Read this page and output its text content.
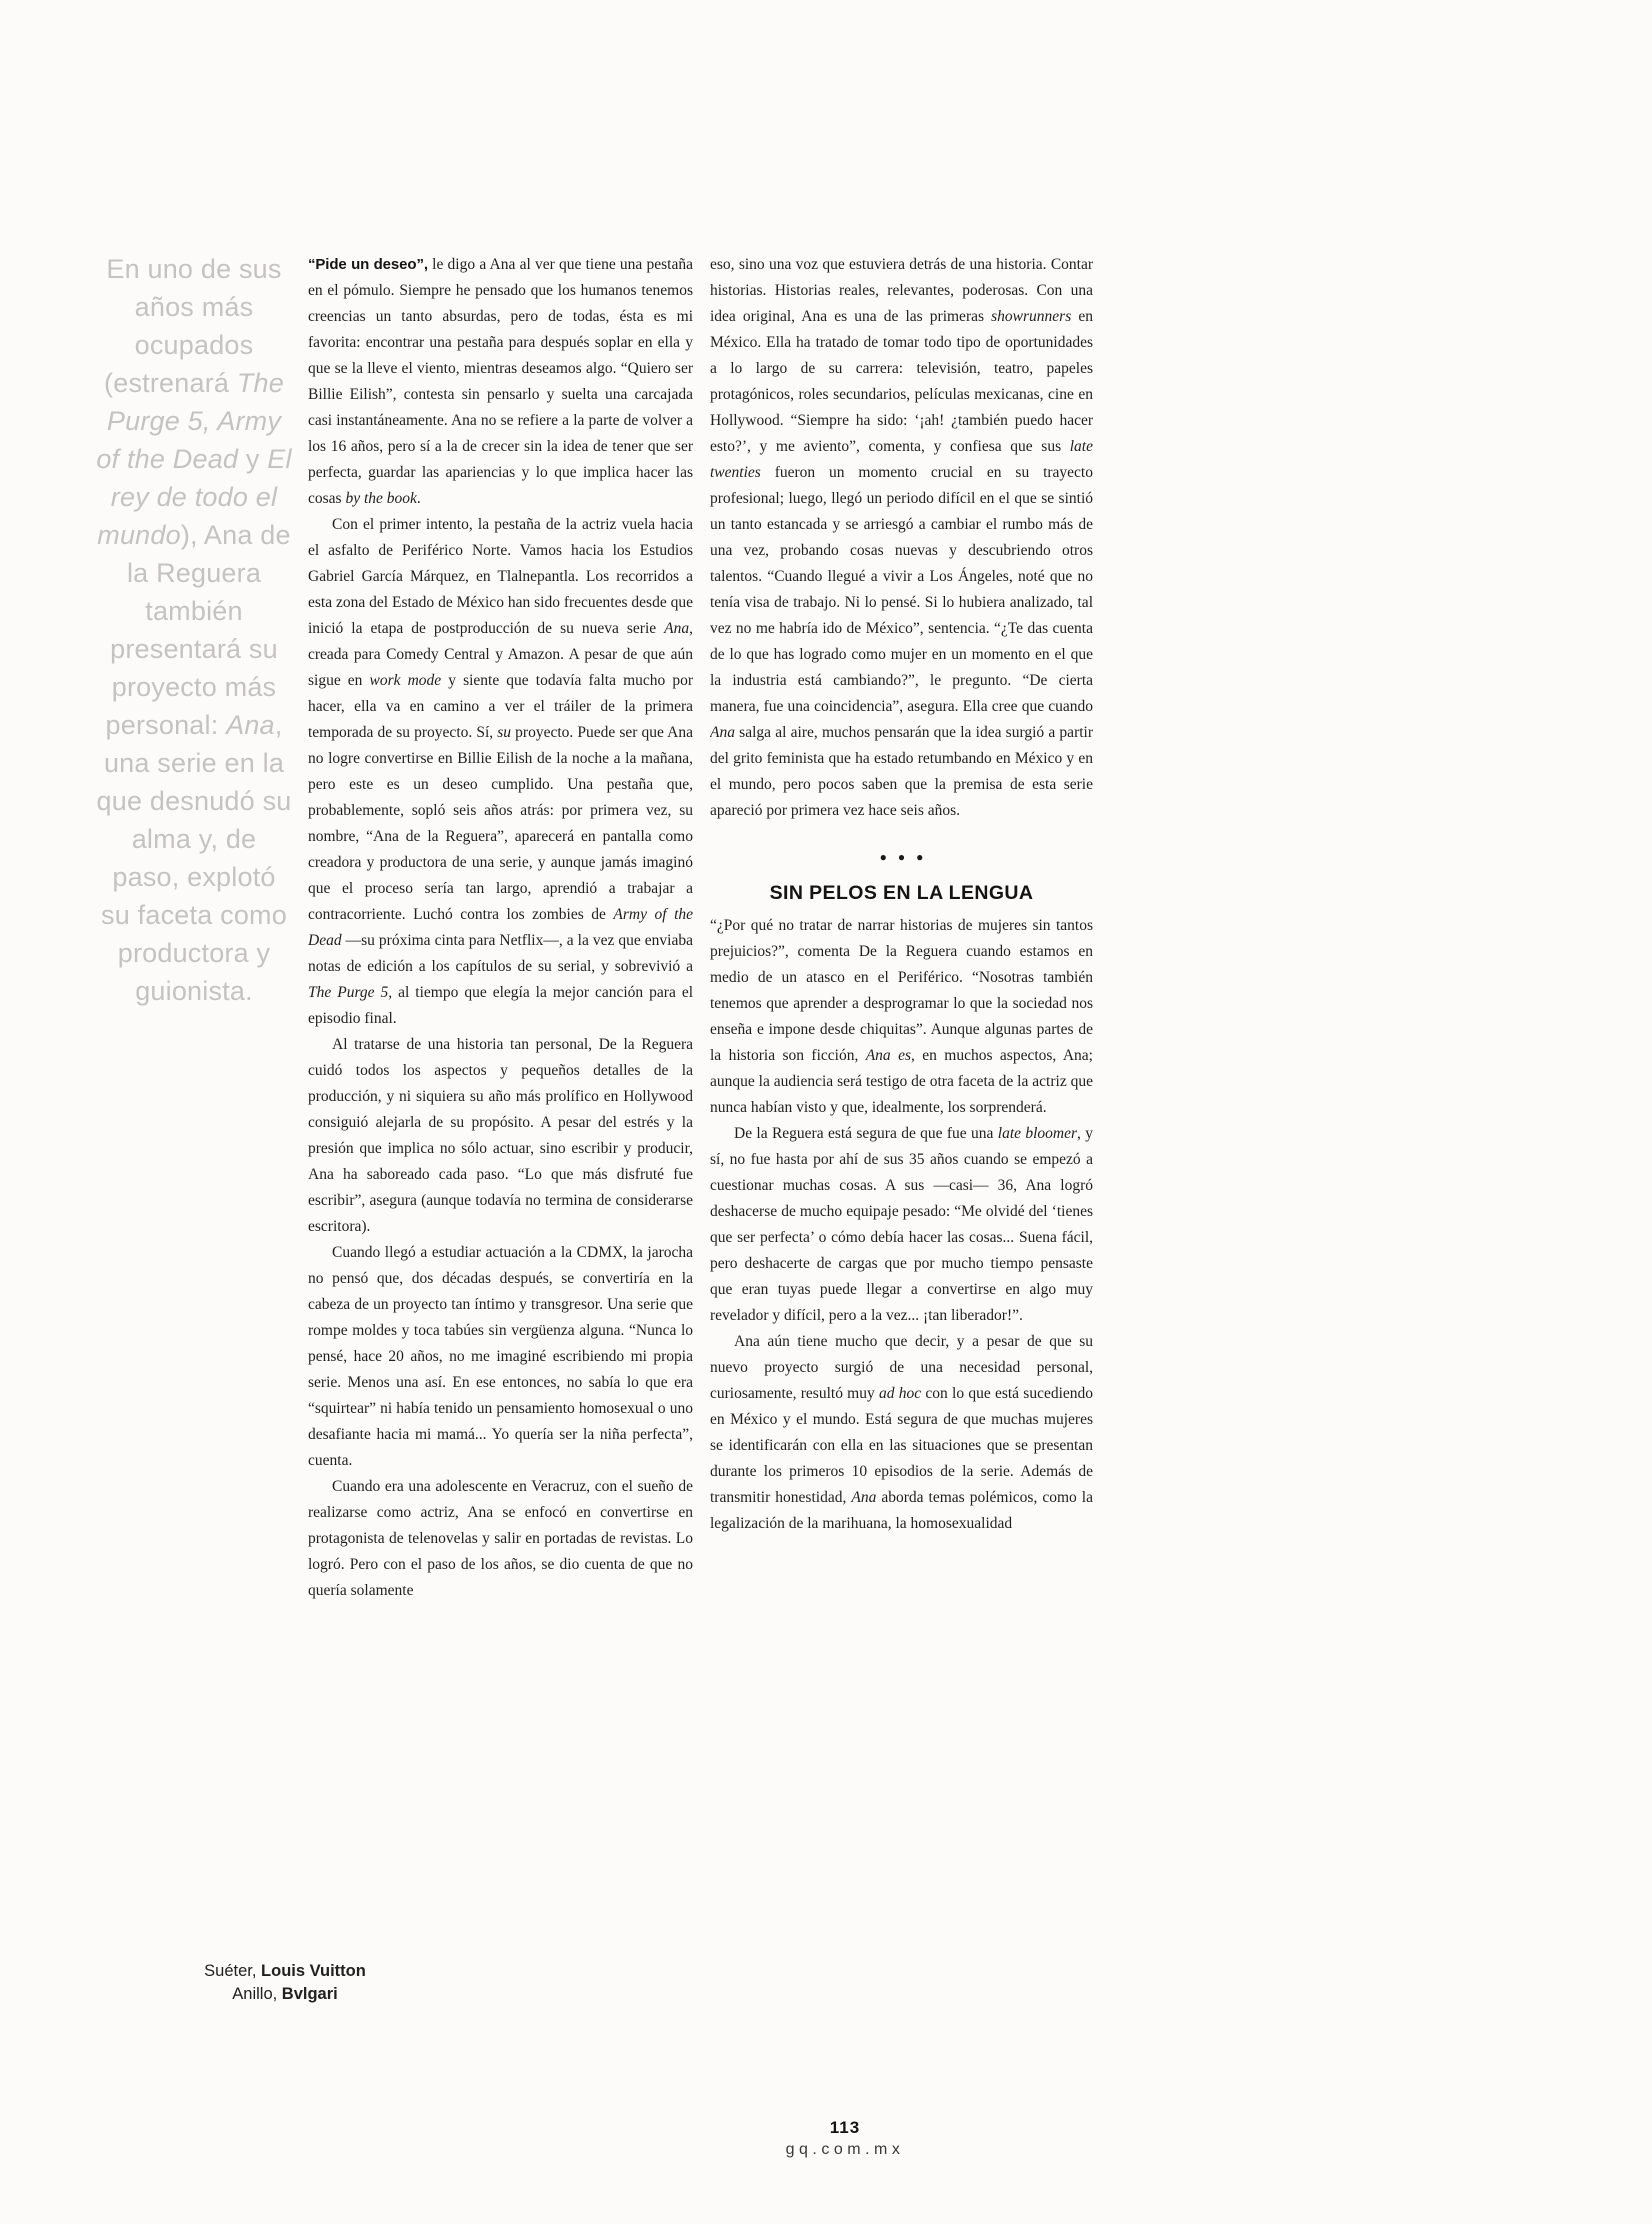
En uno de sus años más ocupados (estrenará The Purge 5, Army of the Dead y El rey de todo el mundo), Ana de la Reguera también presentará su proyecto más personal: Ana, una serie en la que desnudó su alma y, de paso, explotó su faceta como productora y guionista.

“Pide un deseo”, le digo a Ana al ver que tiene una pestaña en el pómulo. Siempre he pensado que los humanos tenemos creencias un tanto absurdas, pero de todas, ésta es mi favorita: encontrar una pestaña para después soplar en ella y que se la lleve el viento, mientras deseamos algo. “Quiero ser Billie Eilish”, contesta sin pensarlo y suelta una carcajada casi instantáneamente. Ana no se refiere a la parte de volver a los 16 años, pero sí a la de crecer sin la idea de tener que ser perfecta, guardar las apariencias y lo que implica hacer las cosas by the book.

Con el primer intento, la pestaña de la actriz vuela hacia el asfalto de Periférico Norte. Vamos hacia los Estudios Gabriel García Márquez, en Tlalnepantla. Los recorridos a esta zona del Estado de México han sido frecuentes desde que inició la etapa de postproducción de su nueva serie Ana, creada para Comedy Central y Amazon. A pesar de que aún sigue en work mode y siente que todavía falta mucho por hacer, ella va en camino a ver el tráiler de la primera temporada de su proyecto. Sí, su proyecto. Puede ser que Ana no logre convertirse en Billie Eilish de la noche a la mañana, pero este es un deseo cumplido. Una pestaña que, probablemente, sopló seis años atrás: por primera vez, su nombre, “Ana de la Reguera”, aparecerá en pantalla como creadora y productora de una serie, y aunque jamás imaginó que el proceso sería tan largo, aprendió a trabajar a contracorriente. Luchó contra los zombies de Army of the Dead —su próxima cinta para Netflix—, a la vez que enviaba notas de edición a los capítulos de su serial, y sobrevivió a The Purge 5, al tiempo que elegía la mejor canción para el episodio final.

Al tratarse de una historia tan personal, De la Reguera cuidó todos los aspectos y pequeños detalles de la producción, y ni siquiera su año más prolífico en Hollywood consiguió alejarla de su propósito. A pesar del estrés y la presión que implica no sólo actuar, sino escribir y producir, Ana ha saboreado cada paso. “Lo que más disfruté fue escribir”, asegura (aunque todavía no termina de considerarse escritora).

Cuando llegó a estudiar actuación a la CDMX, la jarocha no pensó que, dos décadas después, se convertiría en la cabeza de un proyecto tan íntimo y transgresor. Una serie que rompe moldes y toca tabúes sin vergüenza alguna. “Nunca lo pensé, hace 20 años, no me imaginé escribiendo mi propia serie. Menos una así. En ese entonces, no sabía lo que era “squirtear” ni había tenido un pensamiento homosexual o uno desafiante hacia mi mamá... Yo quería ser la niña perfecta”, cuenta.

Cuando era una adolescente en Veracruz, con el sueño de realizarse como actriz, Ana se enfocó en convertirse en protagonista de telenovelas y salir en portadas de revistas. Lo logró. Pero con el paso de los años, se dio cuenta de que no quería solamente

eso, sino una voz que estuviera detrás de una historia. Contar historias. Historias reales, relevantes, poderosas. Con una idea original, Ana es una de las primeras showrunners en México. Ella ha tratado de tomar todo tipo de oportunidades a lo largo de su carrera: televisión, teatro, papeles protagónicos, roles secundarios, películas mexicanas, cine en Hollywood. “Siempre ha sido: ‘¡ah! ¿también puedo hacer esto?’, y me aviento”, comenta, y confiesa que sus late twenties fueron un momento crucial en su trayecto profesional; luego, llegó un periodo difícil en el que se sintió un tanto estancada y se arriesgó a cambiar el rumbo más de una vez, probando cosas nuevas y descubriendo otros talentos. “Cuando llegué a vivir a Los Ángeles, noté que no tenía visa de trabajo. Ni lo pensé. Si lo hubiera analizado, tal vez no me habría ido de México”, sentencia. “¿Te das cuenta de lo que has logrado como mujer en un momento en el que la industria está cambiando?”, le pregunto. “De cierta manera, fue una coincidencia”, asegura. Ella cree que cuando Ana salga al aire, muchos pensarán que la idea surgió a partir del grito feminista que ha estado retumbando en México y en el mundo, pero pocos saben que la premisa de esta serie apareció por primera vez hace seis años.

●●●
SIN PELOS EN LA LENGUA

“¿Por qué no tratar de narrar historias de mujeres sin tantos prejuicios?”, comenta De la Reguera cuando estamos en medio de un atasco en el Periférico. “Nosotras también tenemos que aprender a desprogramar lo que la sociedad nos enseña e impone desde chiquitas”. Aunque algunas partes de la historia son ficción, Ana es, en muchos aspectos, Ana; aunque la audiencia será testigo de otra faceta de la actriz que nunca habían visto y que, idealmente, los sorprenderá.

De la Reguera está segura de que fue una late bloomer, y sí, no fue hasta por ahí de sus 35 años cuando se empezó a cuestionar muchas cosas. A sus —casi— 36, Ana logró deshacerse de mucho equipaje pesado: “Me olvidé del ‘tienes que ser perfecta’ o cómo debía hacer las cosas... Suena fácil, pero deshacerte de cargas que por mucho tiempo pensaste que eran tuyas puede llegar a convertirse en algo muy revelador y difícil, pero a la vez... ¡tan liberador!”.

Ana aún tiene mucho que decir, y a pesar de que su nuevo proyecto surgió de una necesidad personal, curiosamente, resultó muy ad hoc con lo que está sucediendo en México y el mundo. Está segura de que muchas mujeres se identificarán con ella en las situaciones que se presentan durante los primeros 10 episodios de la serie. Además de transmitir honestidad, Ana aborda temas polémicos, como la legalización de la marihuana, la homosexualidad

Suéter, Louis Vuitton
Anillo, Bvlgari
113
gq.com.mx
